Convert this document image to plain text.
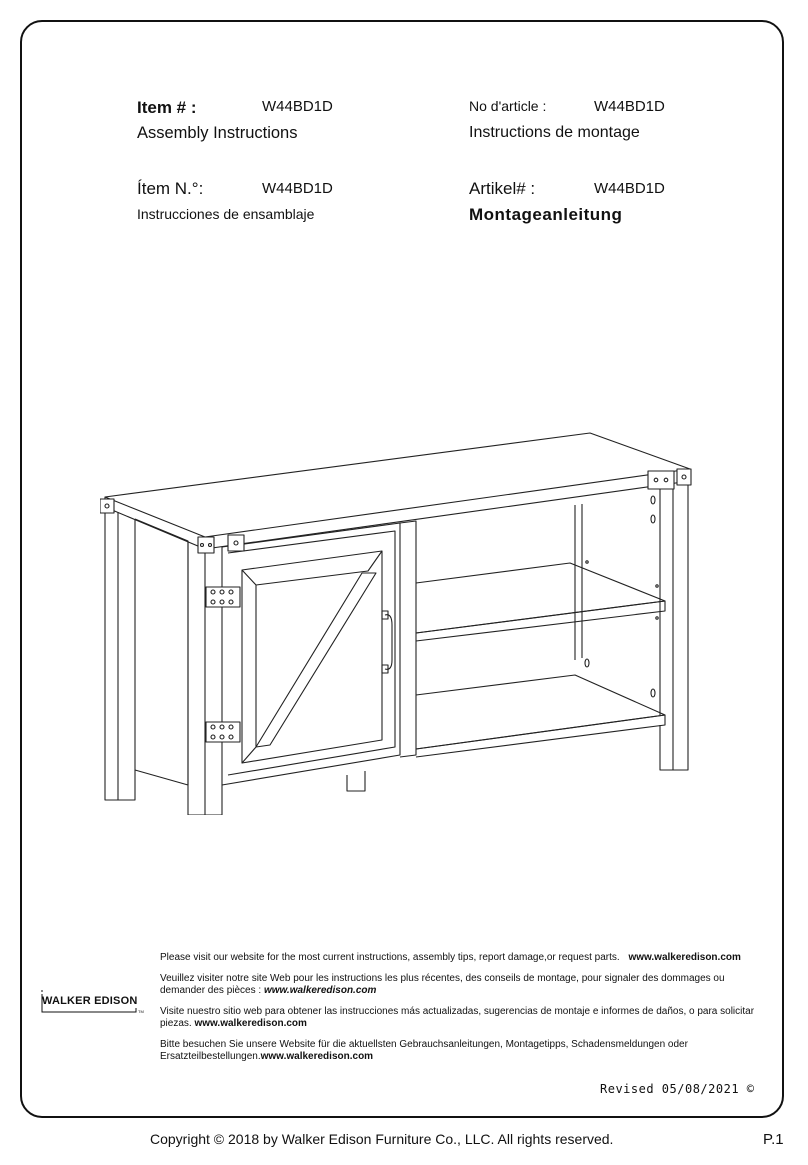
Item # :	W44BD1D
Assembly Instructions
No d'article :	W44BD1D
Instructions de montage
Ítem N.°:	W44BD1D
Instrucciones de ensamblaje
Artikel# :	W44BD1D
Montageanleitung
WALKER EDISON
TM
Please visit our website for the most current instructions, assembly tips, report damage,or request parts. www.walkeredison.com
Veuillez visiter notre site Web pour les instructions les plus récentes, des conseils de montage, pour signaler des dommages ou demander des pièces : www.walkeredison.com
Visite nuestro sitio web para obtener las instrucciones más actualizadas, sugerencias de montaje e informes de daños, o para solicitar piezas. www.walkeredison.com
Bitte besuchen Sie unsere Website für die aktuellsten Gebrauchsanleitungen, Montagetipps, Schadensmeldungen oder Ersatzteilbestellungen.www.walkeredison.com
Revised 05/08/2021 ©
Copyright © 2018 by Walker Edison Furniture Co., LLC. All rights reserved.	P.1
